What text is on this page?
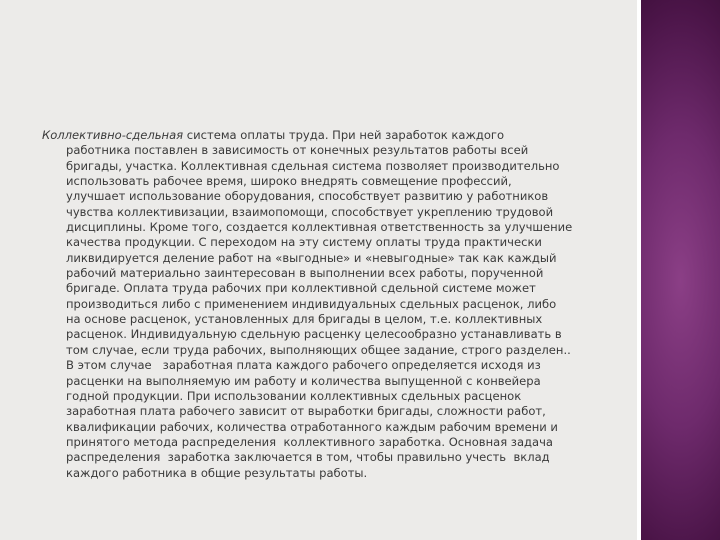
Коллективно-сдельная система оплаты труда. При ней заработок каждого
работника поставлен в зависимость от конечных результатов работы всей
бригады, участка. Коллективная сдельная система позволяет производительно
использовать рабочее время, широко внедрять совмещение профессий,
улучшает использование оборудования, способствует развитию у работников
чувства коллективизации, взаимопомощи, способствует укреплению трудовой
дисциплины. Кроме того, создается коллективная ответственность за улучшение
качества продукции. С переходом на эту систему оплаты труда практически
ликвидируется деление работ на «выгодные» и «невыгодные» так как каждый
рабочий материально заинтересован в выполнении всех работы, порученной
бригаде. Оплата труда рабочих при коллективной сдельной системе может
производиться либо с применением индивидуальных сдельных расценок, либо
на основе расценок, установленных для бригады в целом, т.е. коллективных
расценок. Индивидуальную сдельную расценку целесообразно устанавливать в
том случае, если труда рабочих, выполняющих общее задание, строго разделен..
В этом случае   заработная плата каждого рабочего определяется исходя из
расценки на выполняемую им работу и количества выпущенной с конвейера
годной продукции. При использовании коллективных сдельных расценок
заработная плата рабочего зависит от выработки бригады, сложности работ,
квалификации рабочих, количества отработанного каждым рабочим времени и
принятого метода распределения  коллективного заработка. Основная задача
распределения  заработка заключается в том, чтобы правильно учесть  вклад
каждого работника в общие результаты работы.
